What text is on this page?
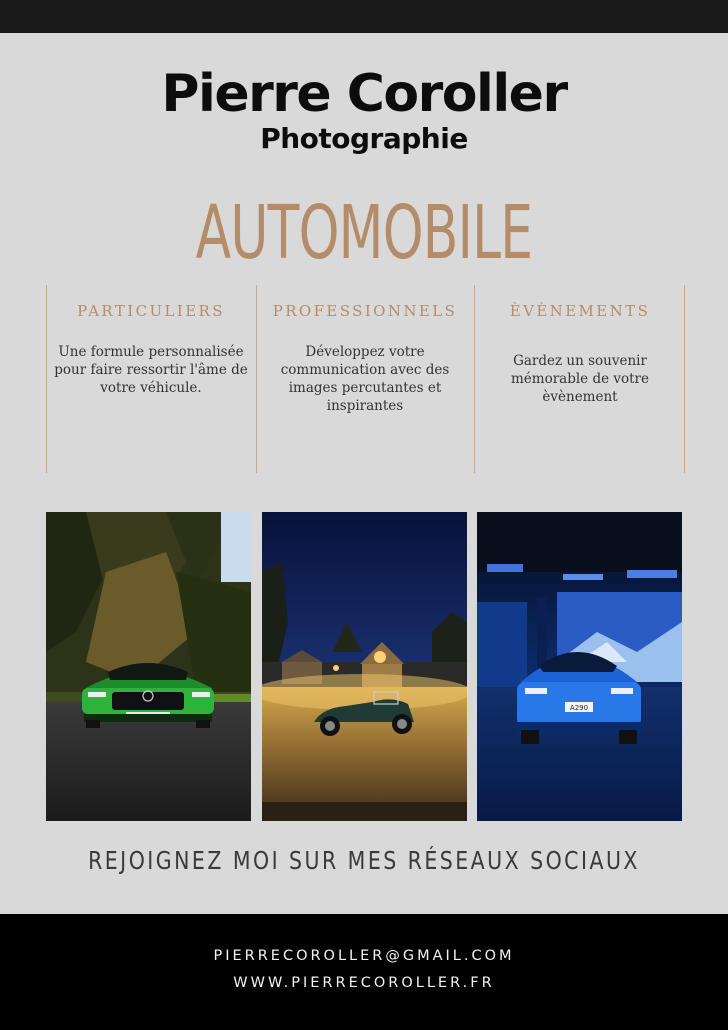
Pierre Coroller
Photographie
AUTOMOBILE
PARTICULIERS
Une formule personnalisée pour faire ressortir l'âme de votre véhicule.
PROFESSIONNELS
Développez votre communication avec des images percutantes et inspirantes
ÈVÈNEMENTS
Gardez un souvenir mémorable de votre èvènement
A290
REJOIGNEZ MOI SUR MES RÉSEAUX SOCIAUX
PIERRECOROLLER@GMAIL.COM
WWW.PIERRECOROLLER.FR
